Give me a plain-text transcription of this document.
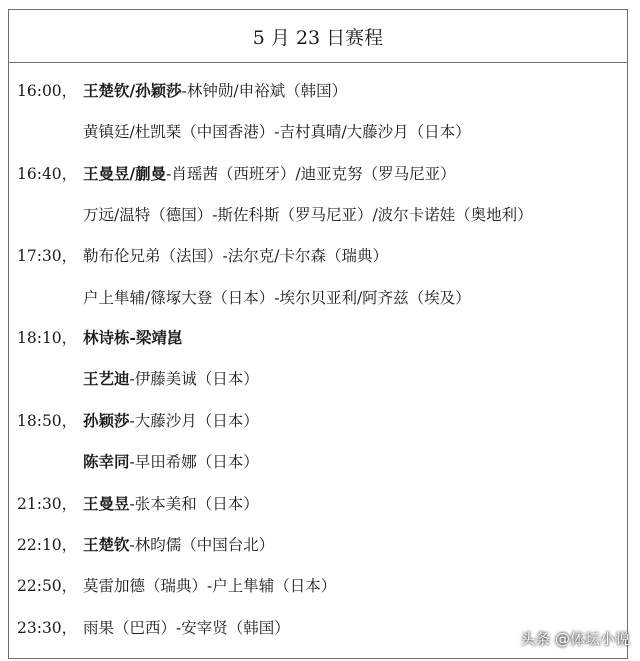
5 月 23 日赛程
16:00， 王楚钦/孙颖莎-林钟勋/申裕斌（韩国）
黄镇廷/杜凯琹（中国香港）-吉村真晴/大藤沙月（日本）
16:40， 王曼昱/蒯曼-肖瑶茜（西班牙）/迪亚克努（罗马尼亚）
万远/温特（德国）-斯佐科斯（罗马尼亚）/波尔卡诺娃（奥地利）
17:30， 勒布伦兄弟（法国）-法尔克/卡尔森（瑞典）
户上隼辅/篠塚大登（日本）-埃尔贝亚利/阿齐兹（埃及）
18:10， 林诗栋-梁靖崑
王艺迪-伊藤美诚（日本）
18:50， 孙颖莎-大藤沙月（日本）
陈幸同-早田希娜（日本）
21:30， 王曼昱-张本美和（日本）
22:10， 王楚钦-林昀儒（中国台北）
22:50， 莫雷加德（瑞典）-户上隼辅（日本）
23:30， 雨果（巴西）-安宰贤（韩国）
头条 @体坛小说
